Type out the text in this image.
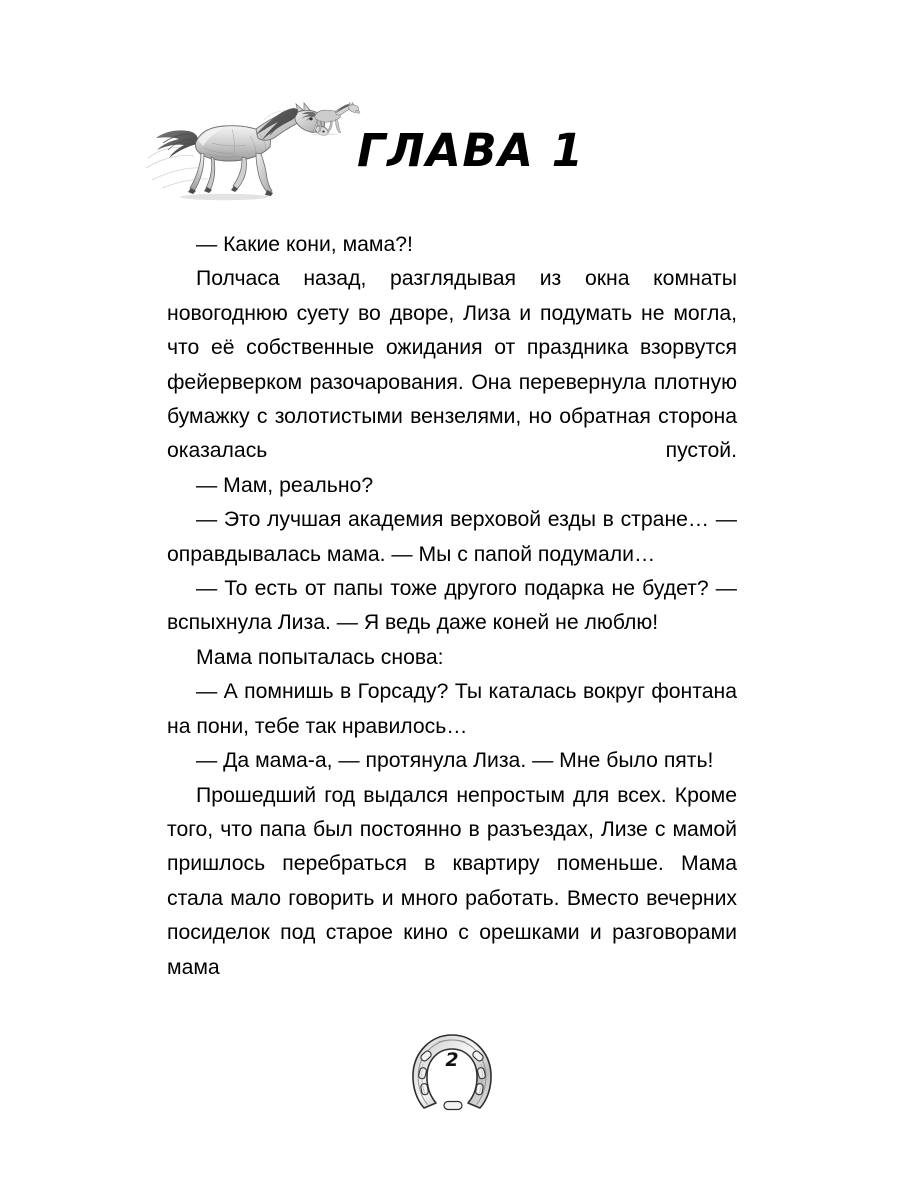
ГЛАВА 1

— Какие кони, мама?!

Полчаса назад, разглядывая из окна комнаты новогоднюю суету во дворе, Лиза и подумать не могла, что её собственные ожидания от праздника взорвутся фейерверком разочарования. Она перевернула плотную бумажку с золотистыми вензелями, но обратная сторона оказалась пустой.

— Мам, реально?

— Это лучшая академия верховой езды в стране… — оправдывалась мама. — Мы с папой подумали…

— То есть от папы тоже другого подарка не будет? — вспыхнула Лиза. — Я ведь даже коней не люблю!

Мама попыталась снова:

— А помнишь в Горсаду? Ты каталась вокруг фонтана на пони, тебе так нравилось…

— Да мама-а, — протянула Лиза. — Мне было пять!

Прошедший год выдался непростым для всех. Кроме того, что папа был постоянно в разъездах, Лизе с мамой пришлось перебраться в квартиру поменьше. Мама стала мало говорить и много работать. Вместо вечерних посиделок под старое кино с орешками и разговорами мама

2
